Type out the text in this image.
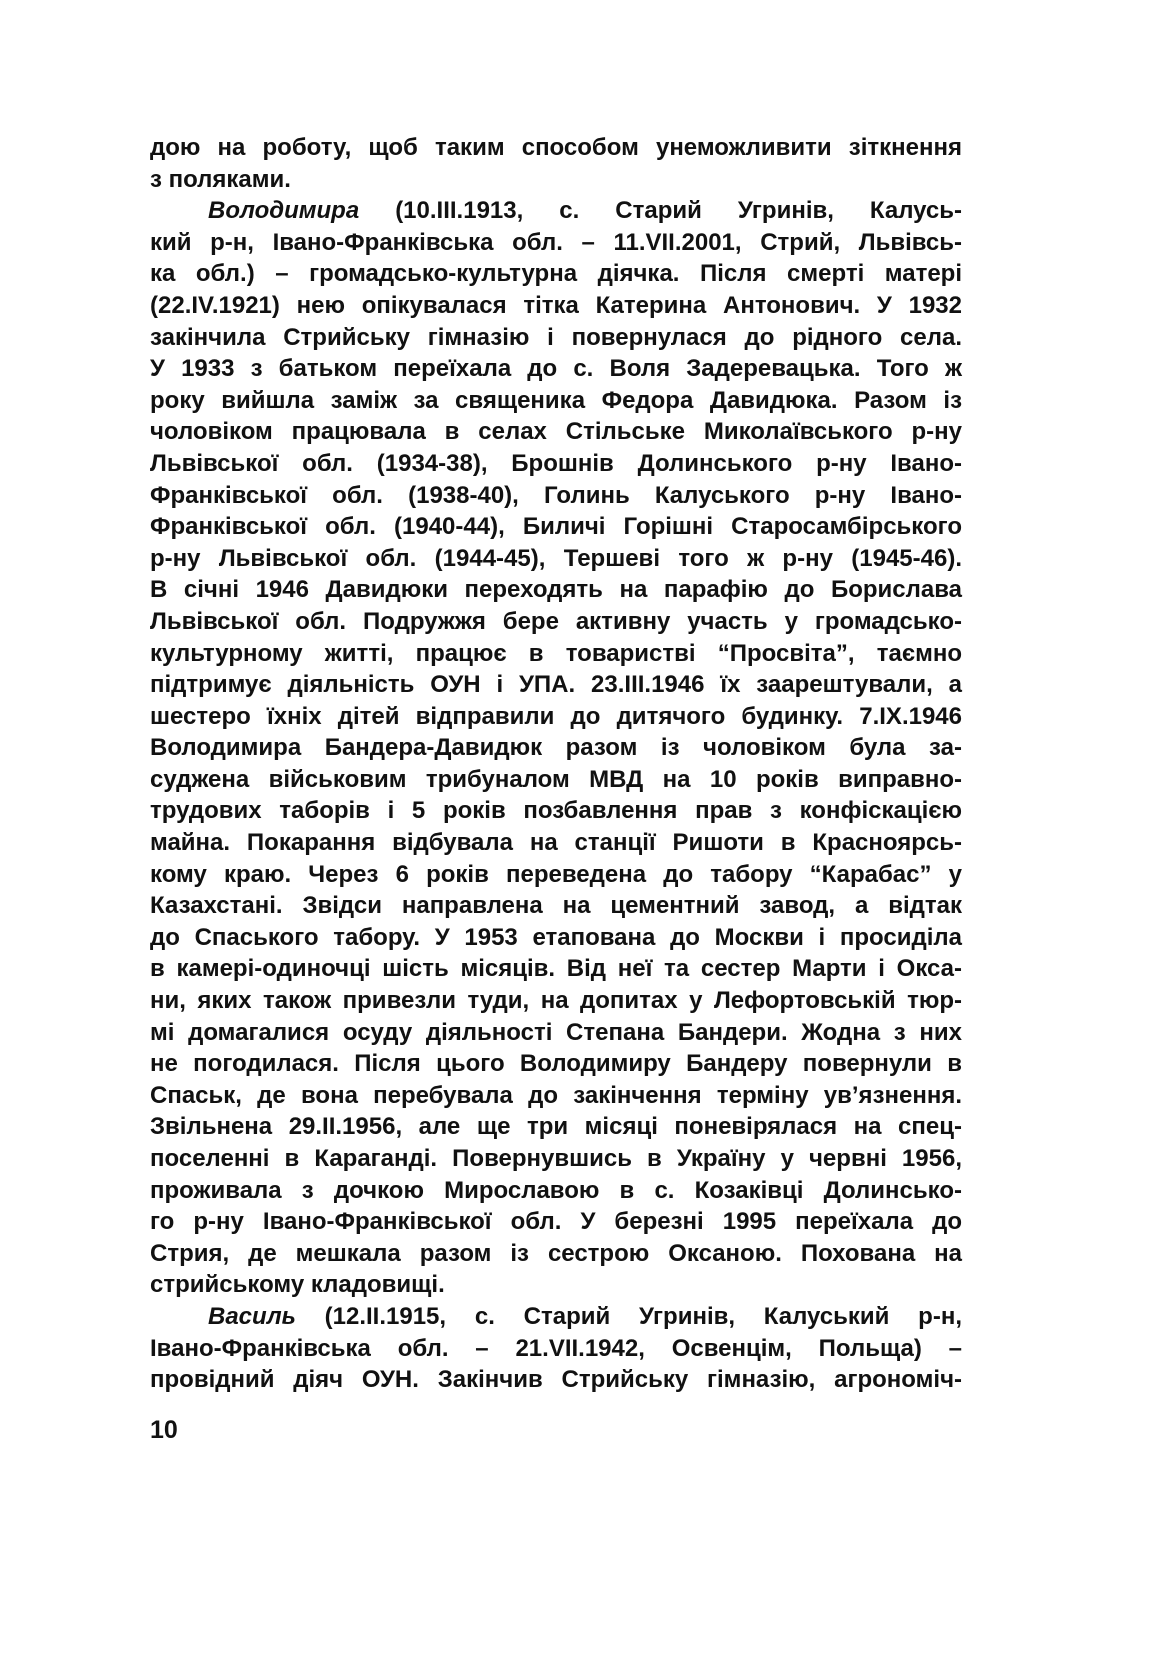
дою на роботу, щоб таким способом унеможливити зіткнення
з поляками.
Володимира (10.III.1913, с. Старий Угринів, Калусь-
кий р-н, Івано-Франківська обл. – 11.VII.2001, Стрий, Львівсь-
ка обл.) – громадсько-культурна діячка. Після смерті матері
(22.IV.1921) нею опікувалася тітка Катерина Антонович. У 1932
закінчила Стрийську гімназію і повернулася до рідного села.
У 1933 з батьком переїхала до с. Воля Задеревацька. Того ж
року вийшла заміж за священика Федора Давидюка. Разом із
чоловіком працювала в селах Стільське Миколаївського р-ну
Львівської обл. (1934-38), Брошнів Долинського р-ну Івано-
Франківської обл. (1938-40), Голинь Калуського р-ну Івано-
Франківської обл. (1940-44), Биличі Горішні Старосамбірського
р-ну Львівської обл. (1944-45), Тершеві того ж р-ну (1945-46).
В січні 1946 Давидюки переходять на парафію до Борислава
Львівської обл. Подружжя бере активну участь у громадсько-
культурному житті, працює в товаристві “Просвіта”, таємно
підтримує діяльність ОУН і УПА. 23.III.1946 їх заарештували, а
шестеро їхніх дітей відправили до дитячого будинку. 7.IX.1946
Володимира Бандера-Давидюк разом із чоловіком була за-
суджена військовим трибуналом МВД на 10 років виправно-
трудових таборів і 5 років позбавлення прав з конфіскацією
майна. Покарання відбувала на станції Ришоти в Красноярсь-
кому краю. Через 6 років переведена до табору “Карабас” у
Казахстані. Звідси направлена на цементний завод, а відтак
до Спаського табору. У 1953 етапована до Москви і просиділа
в камері-одиночці шість місяців. Від неї та сестер Марти і Окса-
ни, яких також привезли туди, на допитах у Лефортовській тюр-
мі домагалися осуду діяльності Степана Бандери. Жодна з них
не погодилася. Після цього Володимиру Бандеру повернули в
Спаськ, де вона перебувала до закінчення терміну ув’язнення.
Звільнена 29.II.1956, але ще три місяці поневірялася на спец-
поселенні в Караганді. Повернувшись в Україну у червні 1956,
проживала з дочкою Мирославою в с. Козаківці Долинсько-
го р-ну Івано-Франківської обл. У березні 1995 переїхала до
Стрия, де мешкала разом із сестрою Оксаною. Похована на
стрийському кладовищі.
Василь (12.II.1915, с. Старий Угринів, Калуський р-н,
Івано-Франківська обл. – 21.VII.1942, Освенцім, Польща) –
провідний діяч ОУН. Закінчив Стрийську гімназію, агрономіч-
10
